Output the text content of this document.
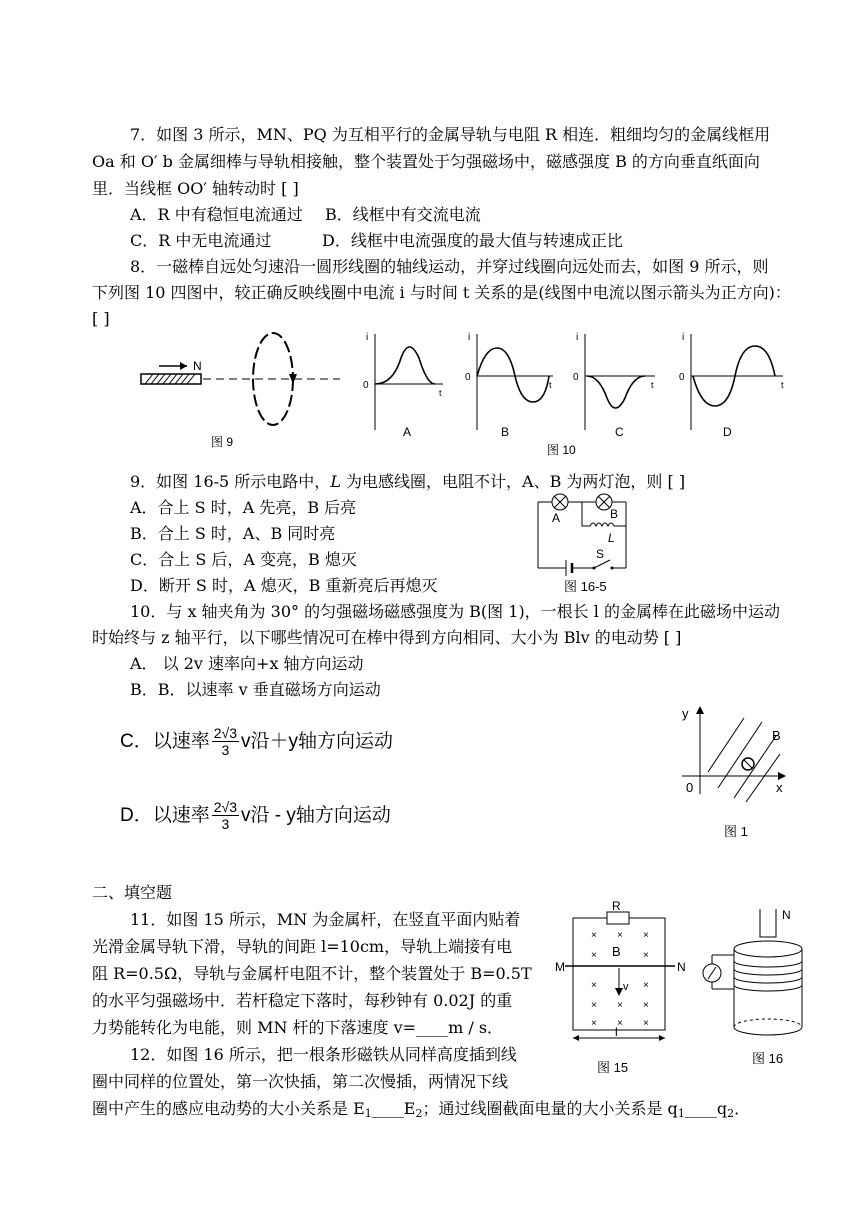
7．如图 3 所示，MN、PQ 为互相平行的金属导轨与电阻 R 相连．粗细均匀的金属线框用
Oa 和 O′ b 金属细棒与导轨相接触，整个装置处于匀强磁场中，磁感强度 B 的方向垂直纸面向
里．当线框 OO′ 轴转动时 [ ]
A．R 中有稳恒电流通过 B．线框中有交流电流
C．R 中无电流通过	D．线框中电流强度的最大值与转速成正比
8．一磁棒自远处匀速沿一圆形线圈的轴线运动，并穿过线圈向远处而去，如图 9 所示，则
下列图 10 四图中，较正确反映线圈中电流 i 与时间 t 关系的是(线图中电流以图示箭头为正方向)：
[ ]
N
图 9
i
0
t
A
i
0
t
B
i
0
t
C
i
0
t
D
图 10
9．如图 16-5 所示电路中，L 为电感线圈，电阻不计，A、B 为两灯泡，则 [ ]
A．合上 S 时，A 先亮，B 后亮
B．合上 S 时，A、B 同时亮
C．合上 S 后，A 变亮，B 熄灭
D．断开 S 时，A 熄灭，B 重新亮后再熄灭
A	B
L
S
图 16-5
10．与 x 轴夹角为 30° 的匀强磁场磁感强度为 B(图 1)，一根长 l 的金属棒在此磁场中运动
时始终与 z 轴平行，以下哪些情况可在棒中得到方向相同、大小为 Blv 的电动势 [ ]
A． 以 2v 速率向+x 轴方向运动
B．B．以速率 v 垂直磁场方向运动
C．以速率 $\frac{2√3}{3}$ v沿＋y轴方向运动
D．以速率 $\frac{2√3}{3}$ v沿 - y轴方向运动
y
x
0
B
图 1
二、填空题
11．如图 15 所示，MN 为金属杆，在竖直平面内贴着
光滑金属导轨下滑，导轨的间距 l=10cm，导轨上端接有电
阻 R=0.5Ω，导轨与金属杆电阻不计，整个装置处于 B=0.5T
的水平匀强磁场中．若杆稳定下落时，每秒钟有 0.02J 的重
力势能转化为电能，则 MN 杆的下落速度 v=____m / s．
12．如图 16 所示，把一根条形磁铁从同样高度插到线
圈中同样的位置处，第一次快插，第二次慢插，两情况下线
圈中产生的感应电动势的大小关系是 $E_1\_\_\_\_E_2$；通过线圈截面电量的大小关系是 $q_1\_\_\_\_q_2$．
R
× × ×
×	×
×	×
× × ×
× × ×
B
M	N
v
l
图 15
N
图 16
